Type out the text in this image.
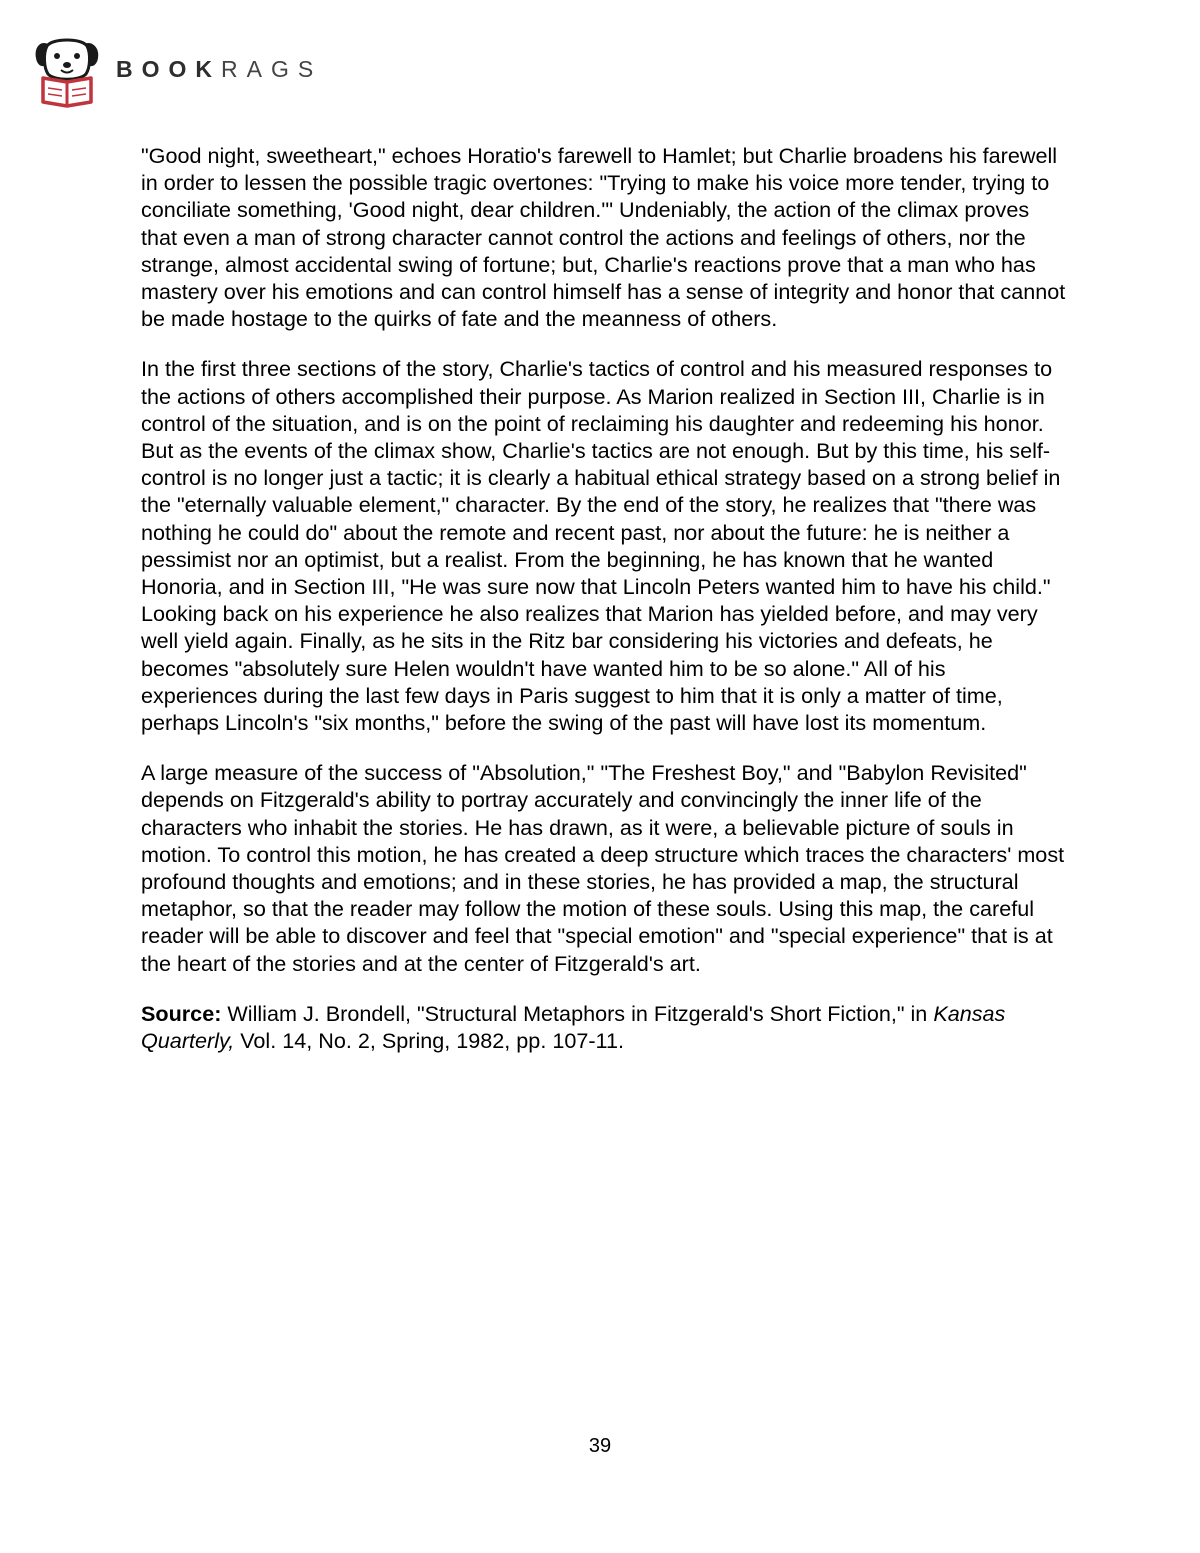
BOOKRAGS

"Good night, sweetheart," echoes Horatio's farewell to Hamlet; but Charlie broadens his farewell in order to lessen the possible tragic overtones: "Trying to make his voice more tender, trying to conciliate something, 'Good night, dear children.'" Undeniably, the action of the climax proves that even a man of strong character cannot control the actions and feelings of others, nor the strange, almost accidental swing of fortune; but, Charlie's reactions prove that a man who has mastery over his emotions and can control himself has a sense of integrity and honor that cannot be made hostage to the quirks of fate and the meanness of others.

In the first three sections of the story, Charlie's tactics of control and his measured responses to the actions of others accomplished their purpose. As Marion realized in Section III, Charlie is in control of the situation, and is on the point of reclaiming his daughter and redeeming his honor. But as the events of the climax show, Charlie's tactics are not enough. But by this time, his self-control is no longer just a tactic; it is clearly a habitual ethical strategy based on a strong belief in the "eternally valuable element," character. By the end of the story, he realizes that "there was nothing he could do" about the remote and recent past, nor about the future: he is neither a pessimist nor an optimist, but a realist. From the beginning, he has known that he wanted Honoria, and in Section III, "He was sure now that Lincoln Peters wanted him to have his child." Looking back on his experience he also realizes that Marion has yielded before, and may very well yield again. Finally, as he sits in the Ritz bar considering his victories and defeats, he becomes "absolutely sure Helen wouldn't have wanted him to be so alone." All of his experiences during the last few days in Paris suggest to him that it is only a matter of time, perhaps Lincoln's "six months," before the swing of the past will have lost its momentum.

A large measure of the success of "Absolution," "The Freshest Boy," and "Babylon Revisited" depends on Fitzgerald's ability to portray accurately and convincingly the inner life of the characters who inhabit the stories. He has drawn, as it were, a believable picture of souls in motion. To control this motion, he has created a deep structure which traces the characters' most profound thoughts and emotions; and in these stories, he has provided a map, the structural metaphor, so that the reader may follow the motion of these souls. Using this map, the careful reader will be able to discover and feel that "special emotion" and "special experience" that is at the heart of the stories and at the center of Fitzgerald's art.

Source: William J. Brondell, "Structural Metaphors in Fitzgerald's Short Fiction," in Kansas Quarterly, Vol. 14, No. 2, Spring, 1982, pp. 107-11.

39
